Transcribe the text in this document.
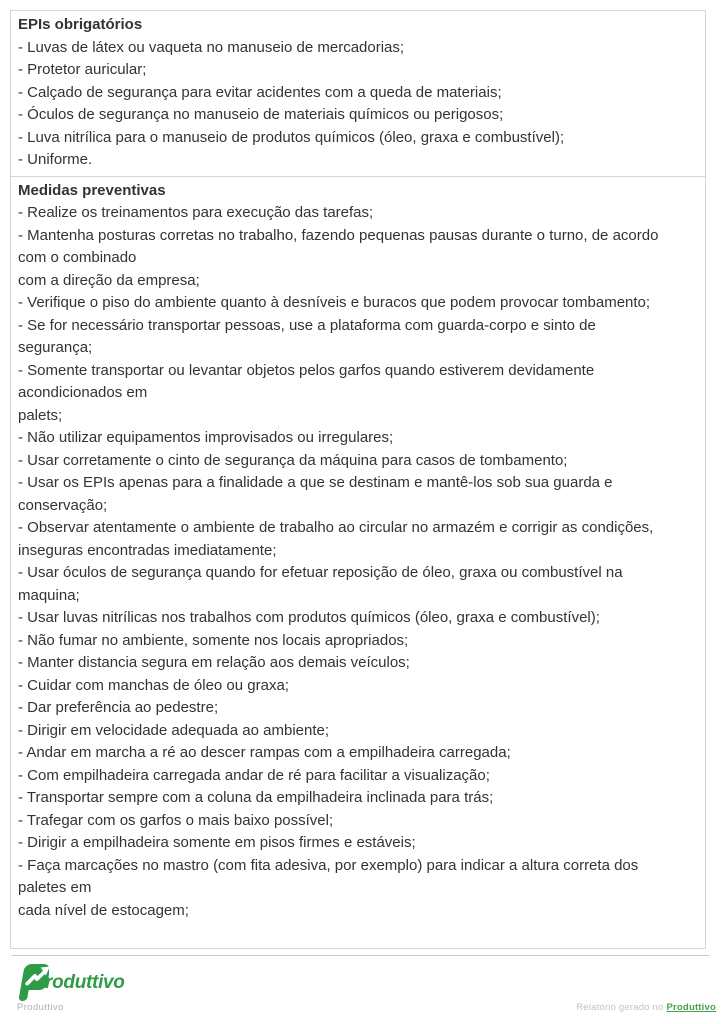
EPIs obrigatórios
- Luvas de látex ou vaqueta no manuseio de mercadorias;
- Protetor auricular;
- Calçado de segurança para evitar acidentes com a queda de materiais;
- Óculos de segurança no manuseio de materiais químicos ou perigosos;
- Luva nitrílica para o manuseio de produtos químicos (óleo, graxa e combustível);
- Uniforme.

Medidas preventivas
- Realize os treinamentos para execução das tarefas;
- Mantenha posturas corretas no trabalho, fazendo pequenas pausas durante o turno, de acordo
com o combinado
com a direção da empresa;
- Verifique o piso do ambiente quanto à desníveis e buracos que podem provocar tombamento;
- Se for necessário transportar pessoas, use a plataforma com guarda-corpo e sinto de
segurança;
- Somente transportar ou levantar objetos pelos garfos quando estiverem devidamente
acondicionados em
palets;
- Não utilizar equipamentos improvisados ou irregulares;
- Usar corretamente o cinto de segurança da máquina para casos de tombamento;
- Usar os EPIs apenas para a finalidade a que se destinam e mantê-los sob sua guarda e
conservação;
- Observar atentamente o ambiente de trabalho ao circular no armazém e corrigir as condições,
inseguras encontradas imediatamente;
- Usar óculos de segurança quando for efetuar reposição de óleo, graxa ou combustível na
maquina;
- Usar luvas nitrílicas nos trabalhos com produtos químicos (óleo, graxa e combustível);
- Não fumar no ambiente, somente nos locais apropriados;
- Manter distancia segura em relação aos demais veículos;
- Cuidar com manchas de óleo ou graxa;
- Dar preferência ao pedestre;
- Dirigir em velocidade adequada ao ambiente;
- Andar em marcha a ré ao descer rampas com a empilhadeira carregada;
- Com empilhadeira carregada andar de ré para facilitar a visualização;
- Transportar sempre com a coluna da empilhadeira inclinada para trás;
- Trafegar com os garfos o mais baixo possível;
- Dirigir a empilhadeira somente em pisos firmes e estáveis;
- Faça marcações no mastro (com fita adesiva, por exemplo) para indicar a altura correta dos
paletes em
cada nível de estocagem;
roduttivo
Produttivo	Relatório gerado no Produttivo
